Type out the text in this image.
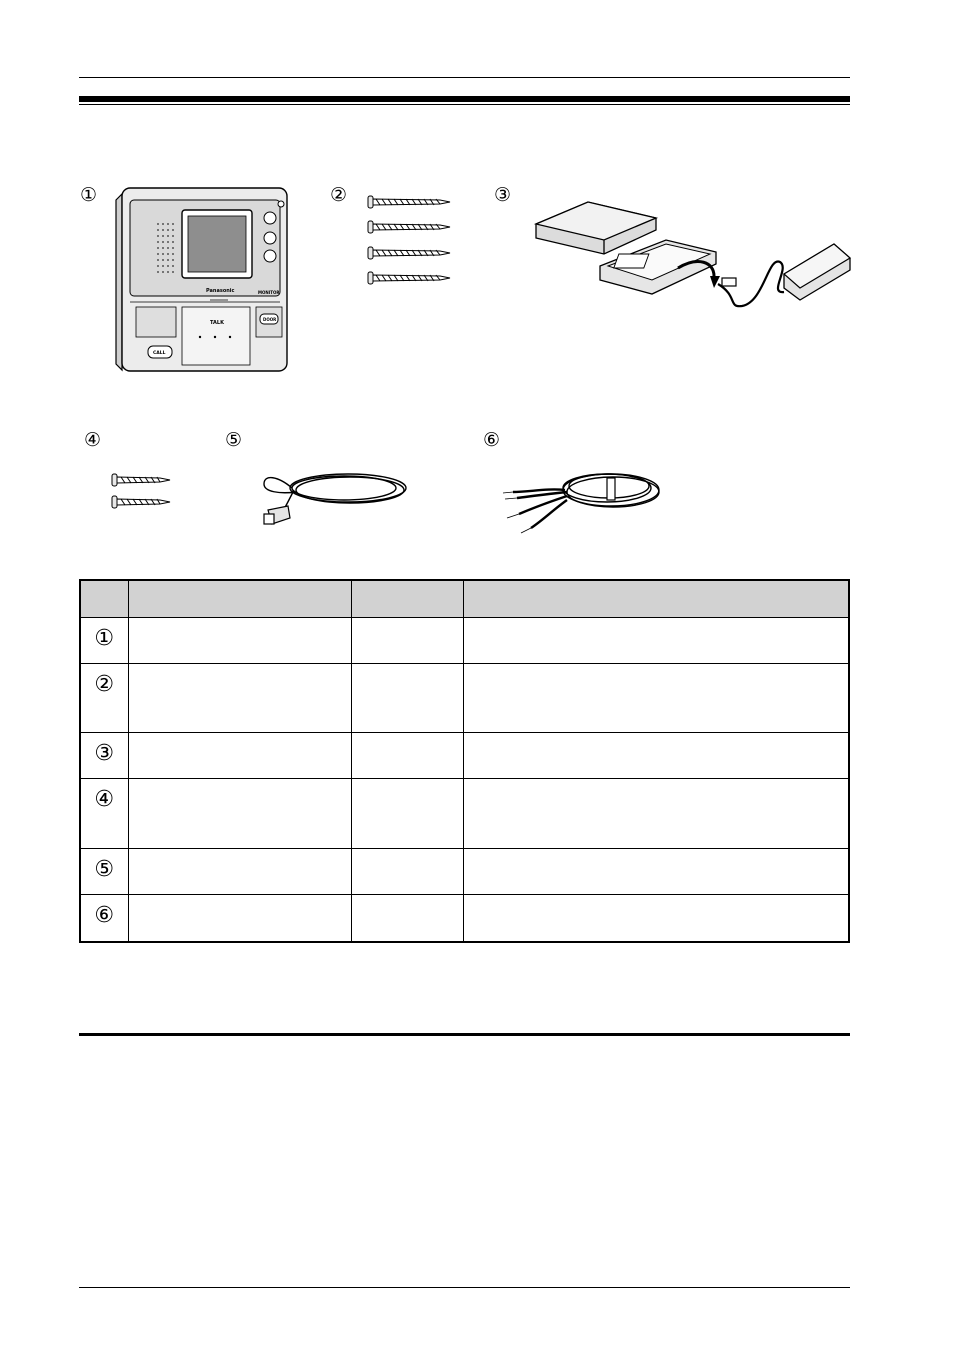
①	②	③
④	⑤	⑥
Panasonic
TALK
MONITOR
DOOR
CALL

①			
②			
③			
④			
⑤			
⑥			
